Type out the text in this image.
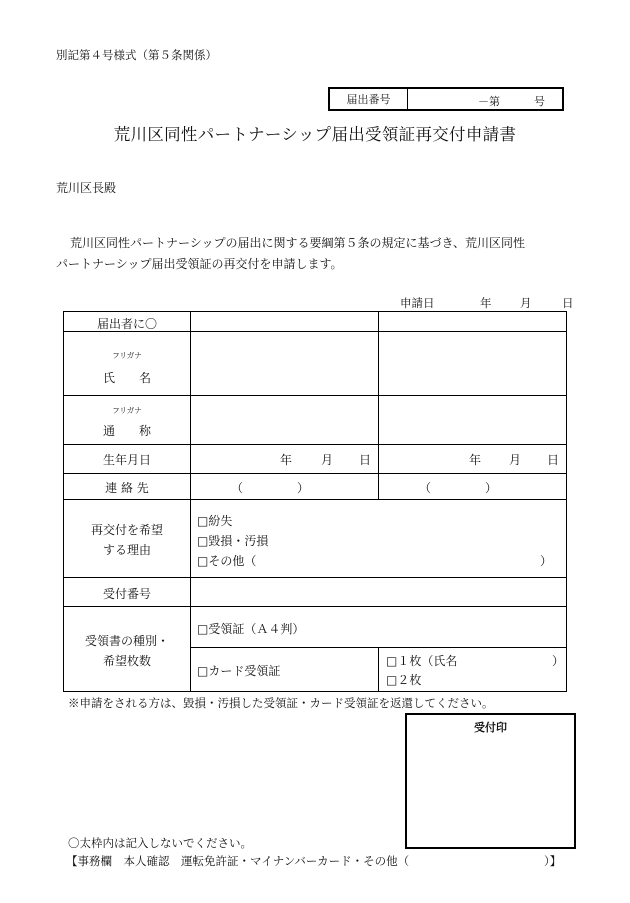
別記第４号様式（第５条関係）
届出番号	－第	号
荒川区同性パートナーシップ届出受領証再交付申請書
荒川区長殿
荒川区同性パートナーシップの届出に関する要綱第５条の規定に基づき、荒川区同性
パートナーシップ届出受領証の再交付を申請します。
申請日	年 月	日
届出者に〇
フリガナ
氏　　名
フリガナ
通　　称
生年月日	年 月 日	年 月 日
連 絡 先	（	）	（	）
再交付を希望
する理由
□紛失
□毀損・汚損
□その他（	）
受付番号
受領書の種別・
希望枚数
□受領証（Ａ４判）
□カード受領証
□１枚（氏名	）
□２枚
※申請をされる方は、毀損・汚損した受領証・カード受領証を返還してください。
受付印
〇太枠内は記入しないでください。
【事務欄　本人確認　運転免許証・マイナンバーカード・その他（	）】
